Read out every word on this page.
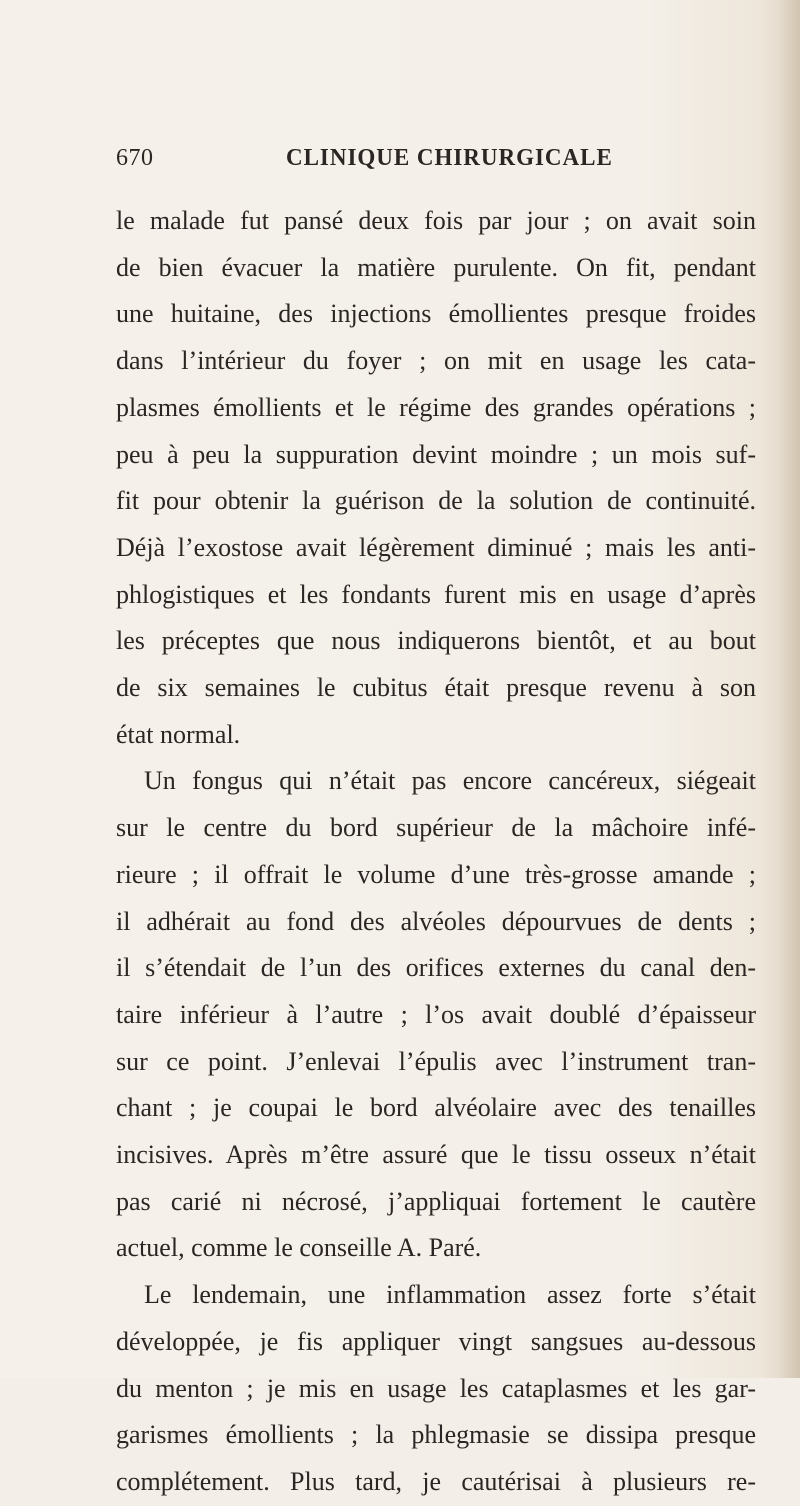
670	CLINIQUE CHIRURGICALE
le malade fut pansé deux fois par jour ; on avait soin
de bien évacuer la matière purulente. On fit, pendant
une huitaine, des injections émollientes presque froides
dans l’intérieur du foyer ; on mit en usage les cata-
plasmes émollients et le régime des grandes opérations ;
peu à peu la suppuration devint moindre ; un mois suf-
fit pour obtenir la guérison de la solution de continuité.
Déjà l’exostose avait légèrement diminué ; mais les anti-
phlogistiques et les fondants furent mis en usage d’après
les préceptes que nous indiquerons bientôt, et au bout
de six semaines le cubitus était presque revenu à son
état normal.
Un fongus qui n’était pas encore cancéreux, siégeait
sur le centre du bord supérieur de la mâchoire infé-
rieure ; il offrait le volume d’une très-grosse amande ;
il adhérait au fond des alvéoles dépourvues de dents ;
il s’étendait de l’un des orifices externes du canal den-
taire inférieur à l’autre ; l’os avait doublé d’épaisseur
sur ce point. J’enlevai l’épulis avec l’instrument tran-
chant ; je coupai le bord alvéolaire avec des tenailles
incisives. Après m’être assuré que le tissu osseux n’était
pas carié ni nécrosé, j’appliquai fortement le cautère
actuel, comme le conseille A. Paré.
Le lendemain, une inflammation assez forte s’était
développée, je fis appliquer vingt sangsues au-dessous
du menton ; je mis en usage les cataplasmes et les gar-
garismes émollients ; la phlegmasie se dissipa presque
complétement. Plus tard, je cautérisai à plusieurs re-
